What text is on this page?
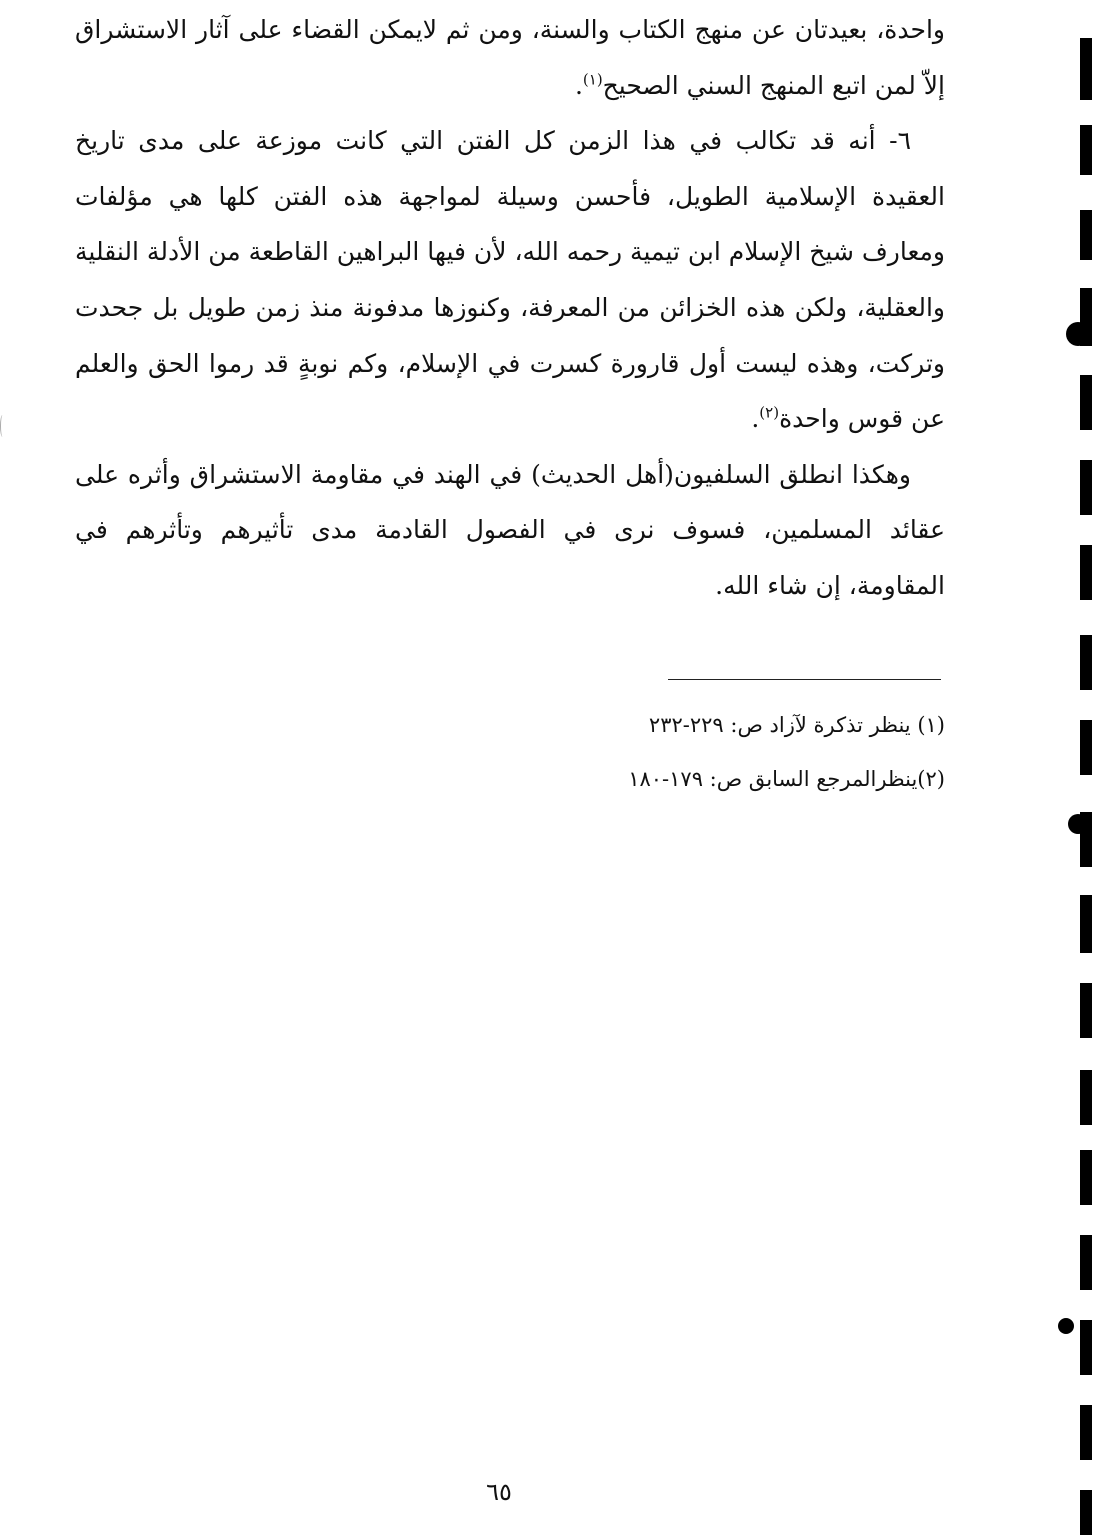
واحدة، بعيدتان عن منهج الكتاب والسنة، ومن ثم لايمكن القضاء على آثار الاستشراق إلاّ لمن اتبع المنهج السني الصحيح$^{(١)}$.

٦- أنه قد تكالب في هذا الزمن كل الفتن التي كانت موزعة على مدى تاريخ العقيدة الإسلامية الطويل، فأحسن وسيلة لمواجهة هذه الفتن كلها هي مؤلفات ومعارف شيخ الإسلام ابن تيمية رحمه الله، لأن فيها البراهين القاطعة من الأدلة النقلية والعقلية، ولكن هذه الخزائن من المعرفة، وكنوزها مدفونة منذ زمن طويل بل جحدت وتركت، وهذه ليست أول قارورة كسرت في الإسلام، وكم نوبةٍ قد رموا الحق والعلم عن قوس واحدة$^{(٢)}$.

وهكذا انطلق السلفيون(أهل الحديث) في الهند في مقاومة الاستشراق وأثره على عقائد المسلمين، فسوف نرى في الفصول القادمة مدى تأثيرهم وتأثرهم في المقاومة، إن شاء الله.

(١) ينظر تذكرة لآزاد ص: ٢٢٩-٢٣٢

(٢)ينظرالمرجع السابق ص: ١٧٩-١٨٠

٦٥
